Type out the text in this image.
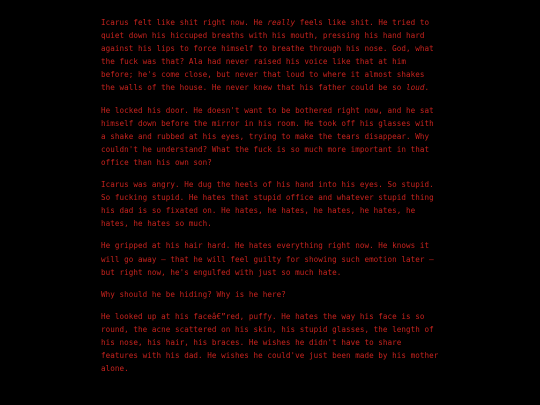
Icarus felt like shit right now. He really feels like shit. He tried to quiet down his hiccuped breaths with his mouth, pressing his hand hard against his lips to force himself to breathe through his nose. God, what the fuck was that? Ala had never raised his voice like that at him before; he's come close, but never that loud to where it almost shakes the walls of the house. He never knew that his father could be so loud.

He locked his door. He doesn't want to be bothered right now, and he sat himself down before the mirror in his room. He took off his glasses with a shake and rubbed at his eyes, trying to make the tears disappear. Why couldn't he understand? What the fuck is so much more important in that office than his own son?

Icarus was angry. He dug the heels of his hand into his eyes. So stupid. So fucking stupid. He hates that stupid office and whatever stupid thing his dad is so fixated on. He hates, he hates, he hates, he hates, he hates, he hates so much.

He gripped at his hair hard. He hates everything right now. He knows it will go away — that he will feel guilty for showing such emotion later — but right now, he's engulfed with just so much hate.

Why should he be hiding? Why is he here?

He looked up at his faceâ€”red, puffy. He hates the way his face is so round, the acne scattered on his skin, his stupid glasses, the length of his nose, his hair, his braces. He wishes he didn't have to share features with his dad. He wishes he could've just been made by his mother alone.
